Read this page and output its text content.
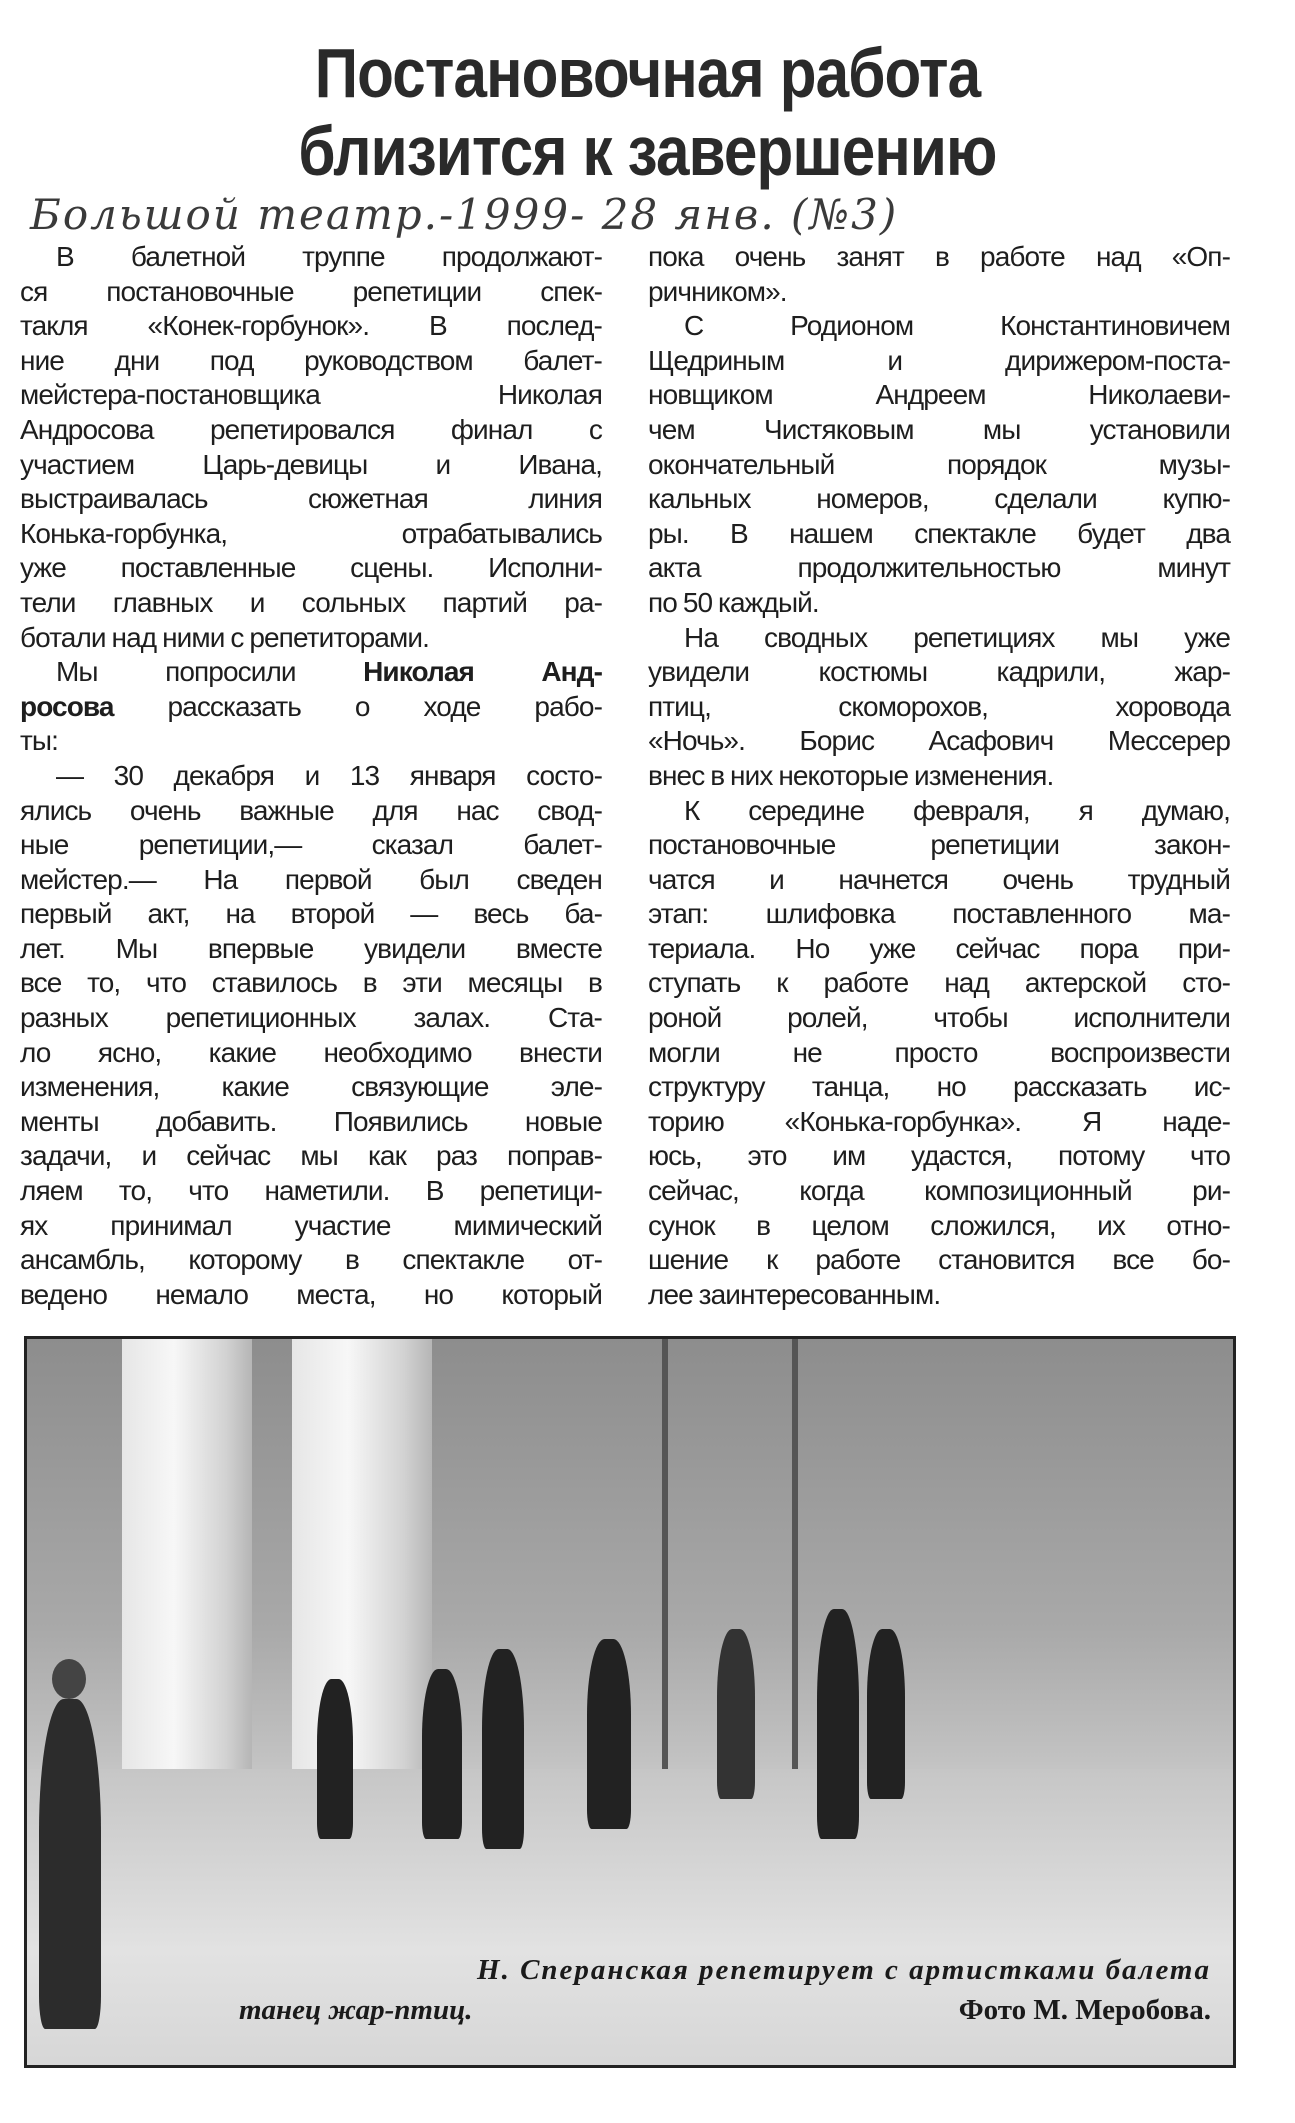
Постановочная работа
близится к завершению
Большой театр.-1999- 28 янв. (№3)
В балетной труппе продолжают-
ся постановочные репетиции спек-
такля «Конек-горбунок». В послед-
ние дни под руководством балет-
мейстера-постановщика Николая
Андросова репетировался финал с
участием Царь-девицы и Ивана,
выстраивалась сюжетная линия
Конька-горбунка, отрабатывались
уже поставленные сцены. Исполни-
тели главных и сольных партий ра-
ботали над ними с репетиторами.
Мы попросили Николая Анд-
росова рассказать о ходе рабо-
ты:
— 30 декабря и 13 января состо-
ялись очень важные для нас свод-
ные репетиции,— сказал балет-
мейстер.— На первой был сведен
первый акт, на второй — весь ба-
лет. Мы впервые увидели вместе
все то, что ставилось в эти месяцы в
разных репетиционных залах. Ста-
ло ясно, какие необходимо внести
изменения, какие связующие эле-
менты добавить. Появились новые
задачи, и сейчас мы как раз поправ-
ляем то, что наметили. В репетици-
ях принимал участие мимический
ансамбль, которому в спектакле от-
ведено немало места, но который
пока очень занят в работе над «Оп-
ричником».
С Родионом Константиновичем
Щедриным и дирижером-поста-
новщиком Андреем Николаеви-
чем Чистяковым мы установили
окончательный порядок музы-
кальных номеров, сделали купю-
ры. В нашем спектакле будет два
акта продолжительностью минут
по 50 каждый.
На сводных репетициях мы уже
увидели костюмы кадрили, жар-
птиц, скоморохов, хоровода
«Ночь». Борис Асафович Мессерер
внес в них некоторые изменения.
К середине февраля, я думаю,
постановочные репетиции закон-
чатся и начнется очень трудный
этап: шлифовка поставленного ма-
териала. Но уже сейчас пора при-
ступать к работе над актерской сто-
роной ролей, чтобы исполнители
могли не просто воспроизвести
структуру танца, но рассказать ис-
торию «Конька-горбунка». Я наде-
юсь, это им удастся, потому что
сейчас, когда композиционный ри-
сунок в целом сложился, их отно-
шение к работе становится все бо-
лее заинтересованным.
Н. Сперанская репетирует с артистками балета
танец жар-птиц.	Фото М. Меробова.
